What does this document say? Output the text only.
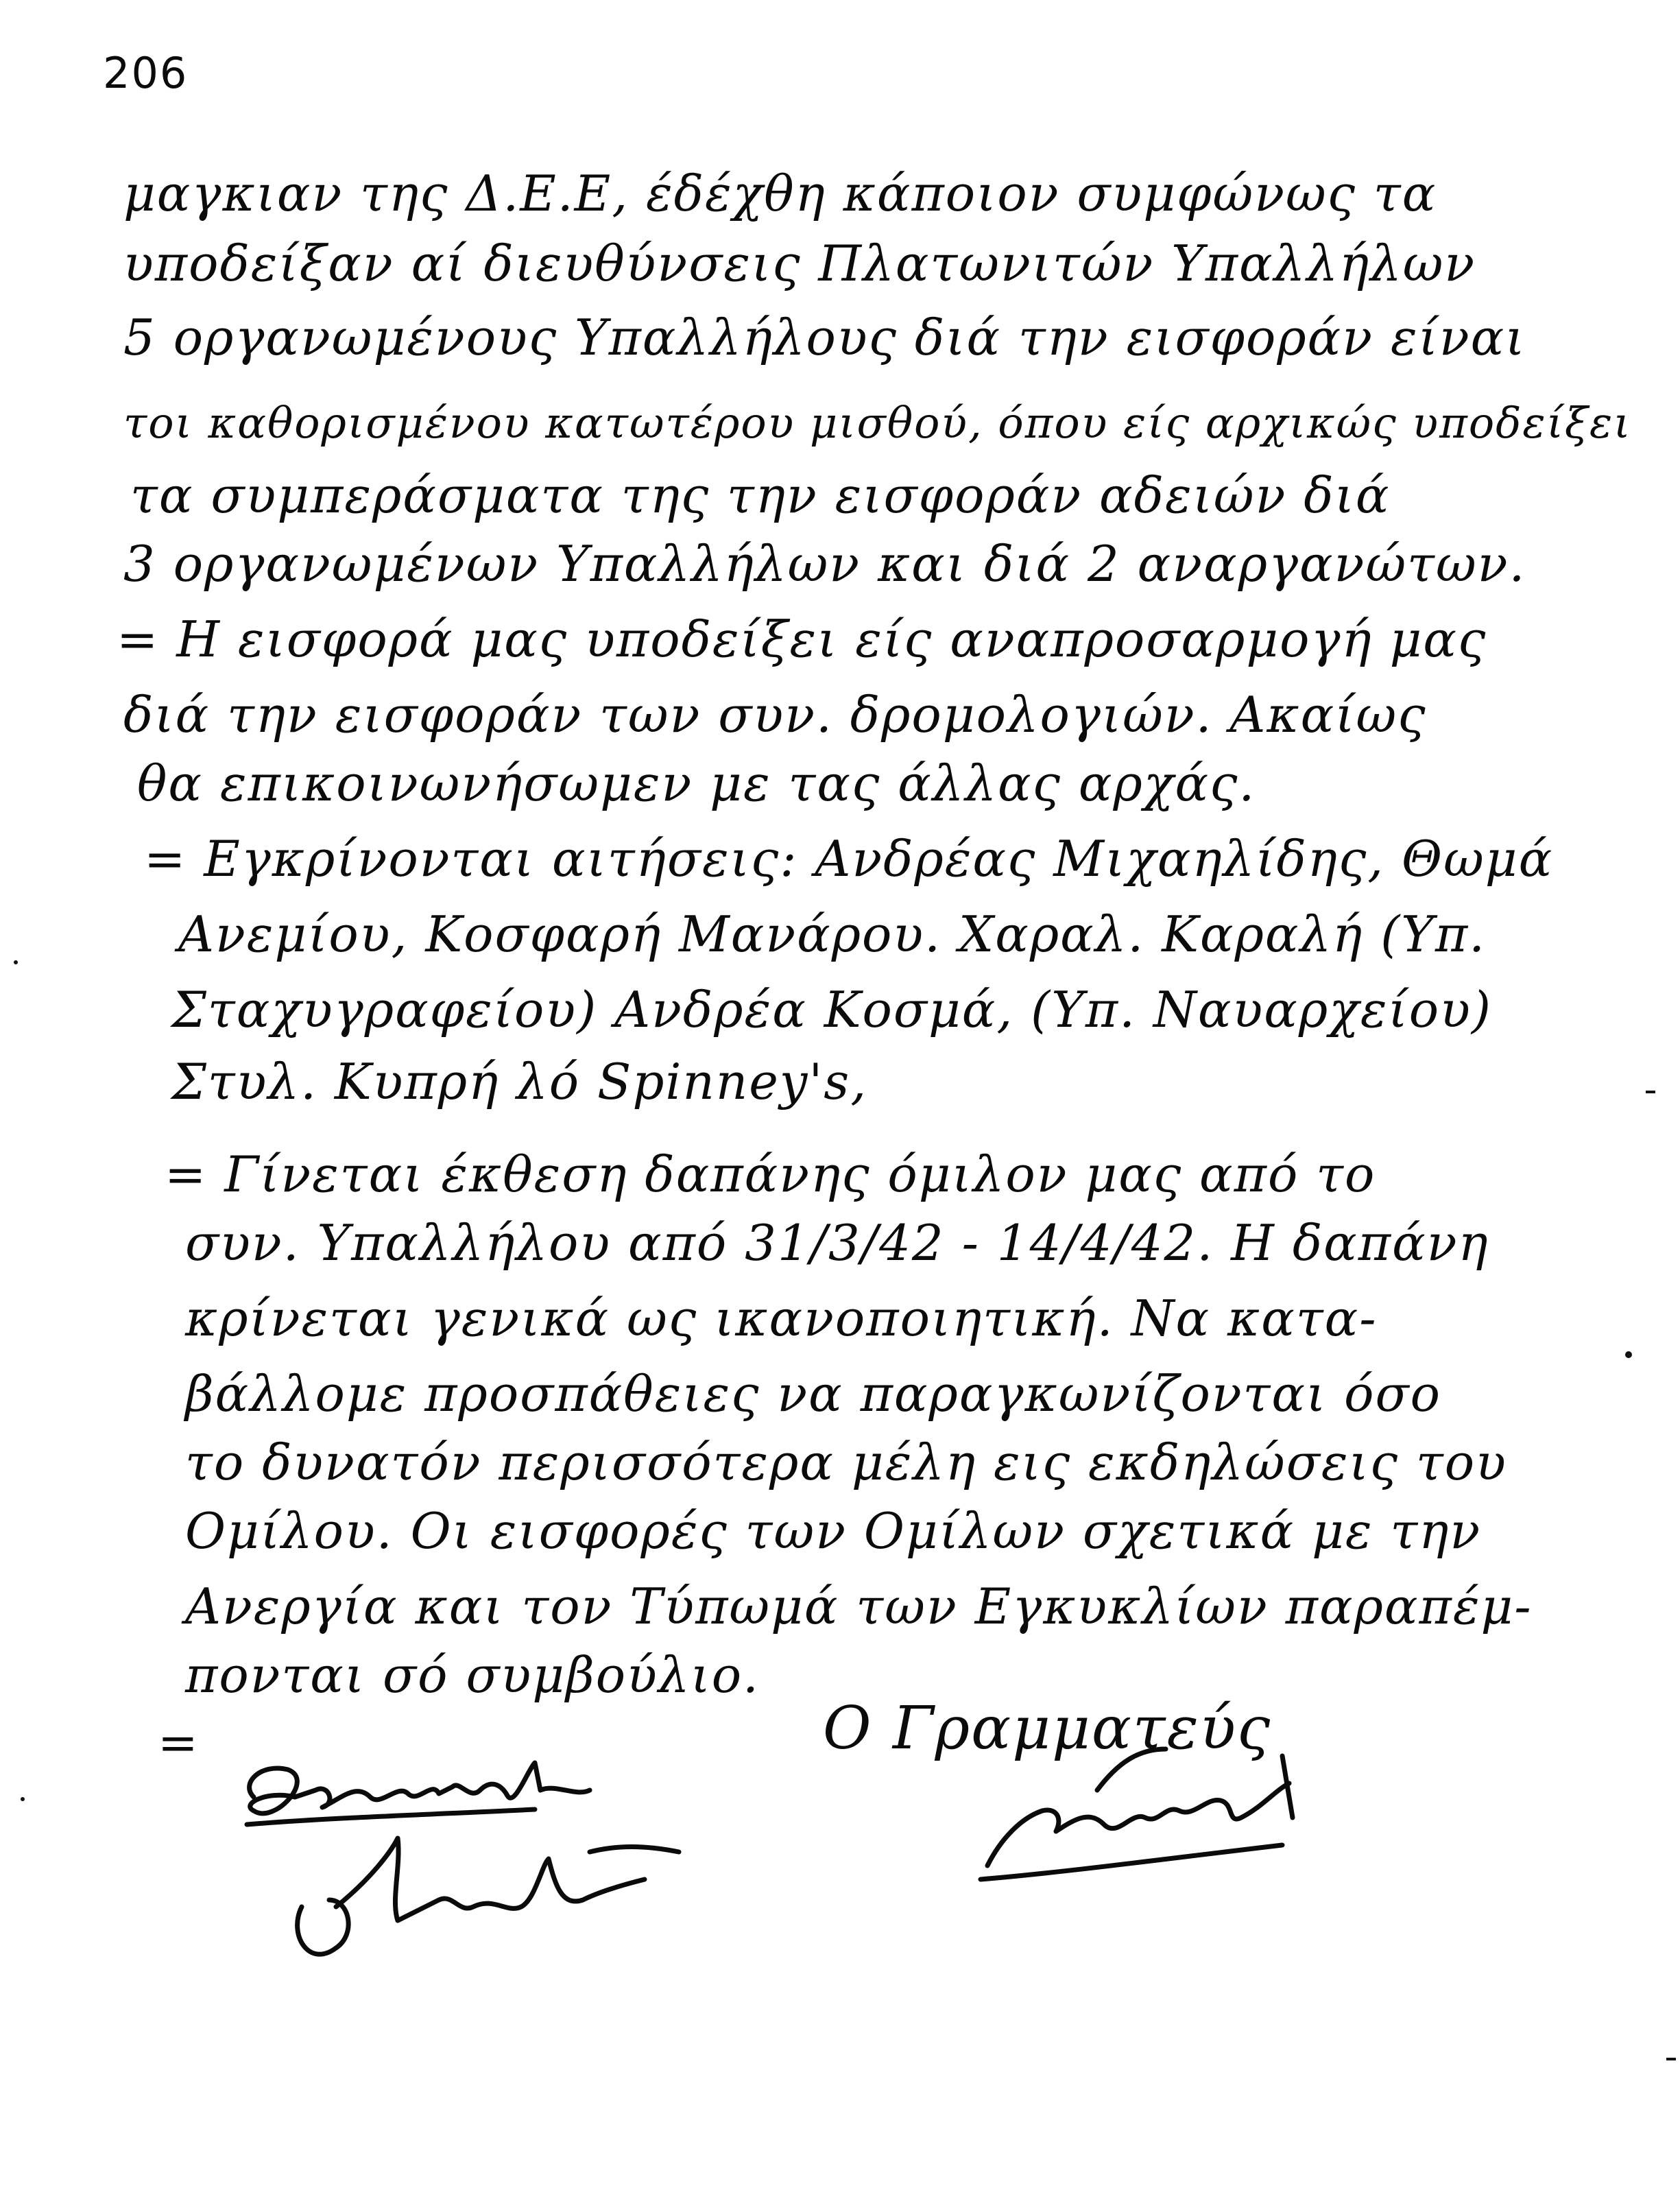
206
μαγκιαν της Δ.Ε.Ε, έδέχθη κάποιον συμφώνως τα
υποδείξαν αί διευθύνσεις Πλατωνιτών Υπαλλήλων
5 οργανωμένους Υπαλλήλους διά την εισφοράν είναι
τοι καθορισμένου κατωτέρου μισθού, όπου είς αρχικώς υποδείξει
τα συμπεράσματα της την εισφοράν αδειών διά
3 οργανωμένων Υπαλλήλων και διά 2 αναργανώτων.
= Η εισφορά μας υποδείξει είς αναπροσαρμογή μας
διά την εισφοράν των συν. δρομολογιών. Ακαίως
θα επικοινωνήσωμεν με τας άλλας αρχάς.
= Εγκρίνονται αιτήσεις: Ανδρέας Μιχαηλίδης, Θωμά
Ανεμίου, Κοσφαρή Μανάρου. Χαραλ. Καραλή (Υπ.
Σταχυγραφείου) Ανδρέα Κοσμά, (Υπ. Ναυαρχείου)
Στυλ. Κυπρή λό Spinney's,
= Γίνεται έκθεση δαπάνης όμιλον μας από το
συν. Υπαλλήλου από 31/3/42 - 14/4/42. Η δαπάνη
κρίνεται γενικά ως ικανοποιητική. Να κατα-
βάλλομε προσπάθειες να παραγκωνίζονται όσο
το δυνατόν περισσότερα μέλη εις εκδηλώσεις του
Ομίλου. Οι εισφορές των Ομίλων σχετικά με την
Ανεργία και τον Τύπωμά των Εγκυκλίων παραπέμ-
πονται σό συμβούλιο.
Ο Γραμματεύς
=
